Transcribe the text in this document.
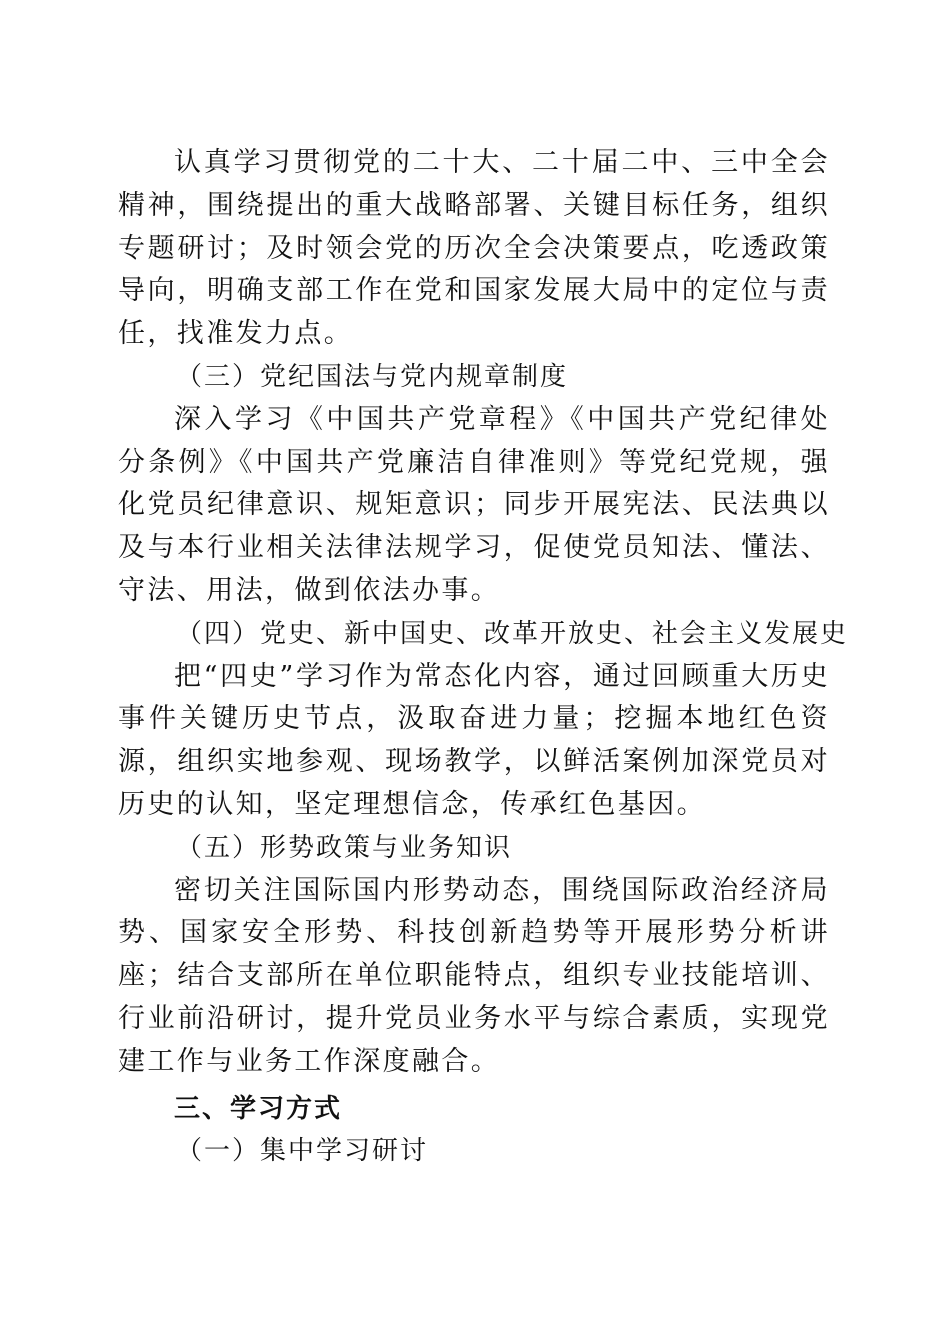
认真学习贯彻党的二十大、二十届二中、三中全会精神，围绕提出的重大战略部署、关键目标任务，组织专题研讨；及时领会党的历次全会决策要点，吃透政策导向，明确支部工作在党和国家发展大局中的定位与责任，找准发力点。

（三）党纪国法与党内规章制度

深入学习《中国共产党章程》《中国共产党纪律处分条例》《中国共产党廉洁自律准则》等党纪党规，强化党员纪律意识、规矩意识；同步开展宪法、民法典以及与本行业相关法律法规学习，促使党员知法、懂法、守法、用法，做到依法办事。

（四）党史、新中国史、改革开放史、社会主义发展史

把“四史”学习作为常态化内容，通过回顾重大历史事件关键历史节点，汲取奋进力量；挖掘本地红色资源，组织实地参观、现场教学，以鲜活案例加深党员对历史的认知，坚定理想信念，传承红色基因。

（五）形势政策与业务知识

密切关注国际国内形势动态，围绕国际政治经济局势、国家安全形势、科技创新趋势等开展形势分析讲座；结合支部所在单位职能特点，组织专业技能培训、行业前沿研讨，提升党员业务水平与综合素质，实现党建工作与业务工作深度融合。

三、学习方式

（一）集中学习研讨
